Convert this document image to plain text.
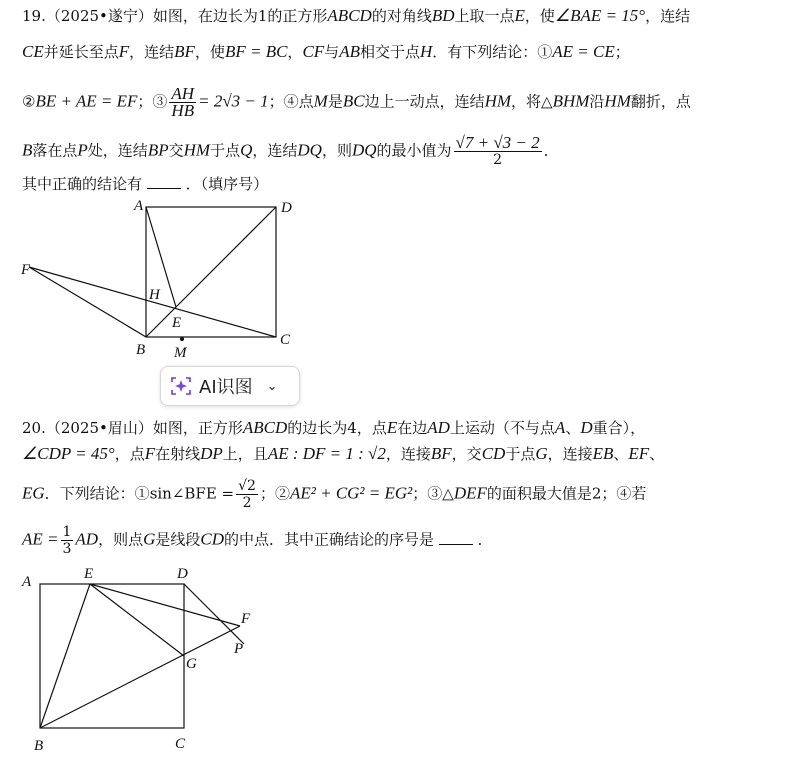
19.（2025•遂宁）如图，在边长为1的正方形ABCD的对角线BD上取一点E，使∠BAE = 15°，连结
CE并延长至点F，连结BF，使BF = BC，CF与AB相交于点H．有下列结论：①AE = CE；
②BE + AE = EF；③ $\frac{AH}{HB} = 2√3 - 1$；④点M是BC边上一动点，连结HM，将△BHM沿HM翻折，点
B落在点P处，连结BP交HM于点Q，连结DQ，则DQ的最小值为 $\frac{√7 + √3 - 2}{2}$ ．
其中正确的结论有	．（填序号）
A	D
F
H
E
B M
C
AI识图 ⌄
20.（2025•眉山）如图，正方形ABCD的边长为4，点E在边AD上运动（不与点A、D重合），
∠CDP = 45°，点F在射线DP上，且AE : DF = 1 : √2，连接BF，交CD于点G，连接EB、EF、
EG．下列结论：①sin∠BFE = $\frac{√2}{2}$ ；②AE² + CG² = EG²；③△DEF的面积最大值是2；④若
AE = $\frac{1}{3}$ AD，则点G是线段CD的中点．其中正确结论的序号是	．
A	E	D
F
P
G
B	C
